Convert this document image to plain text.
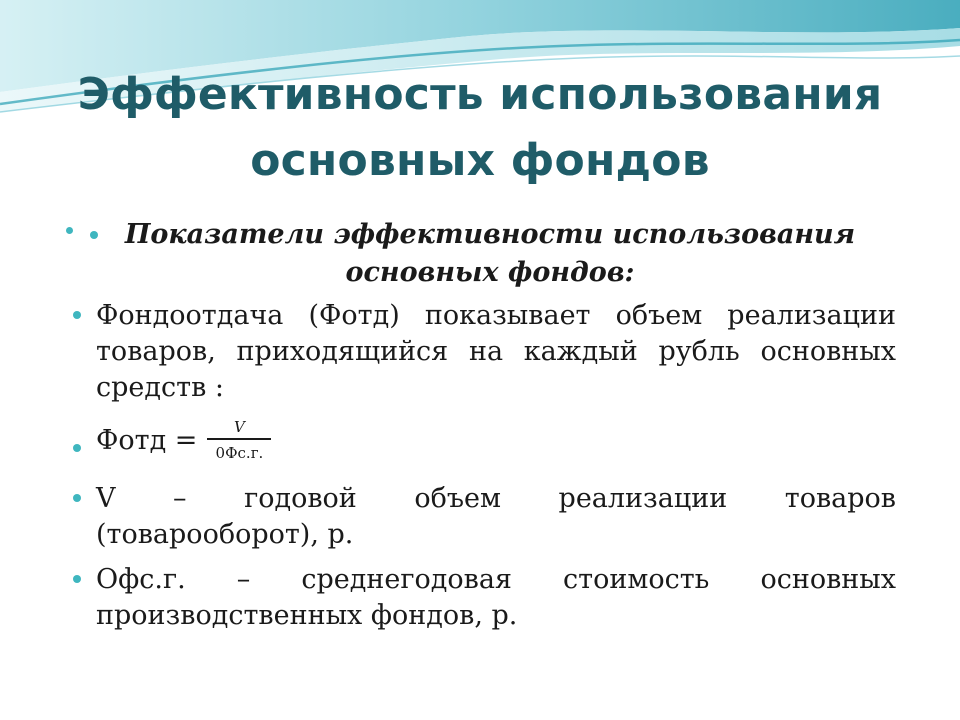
Эффективность использования основных фондов
Показатели эффективности использования основных фондов:
Фондоотдача (Фотд) показывает объем реализации товаров, приходящийся на каждый рубль основных средств :
Фотд = $\frac{V}{0Фс.г.}$
V – годовой объем реализации товаров
(товарооборот), р.
Офс.г. – среднегодовая стоимость основных
производственных фондов, р.
